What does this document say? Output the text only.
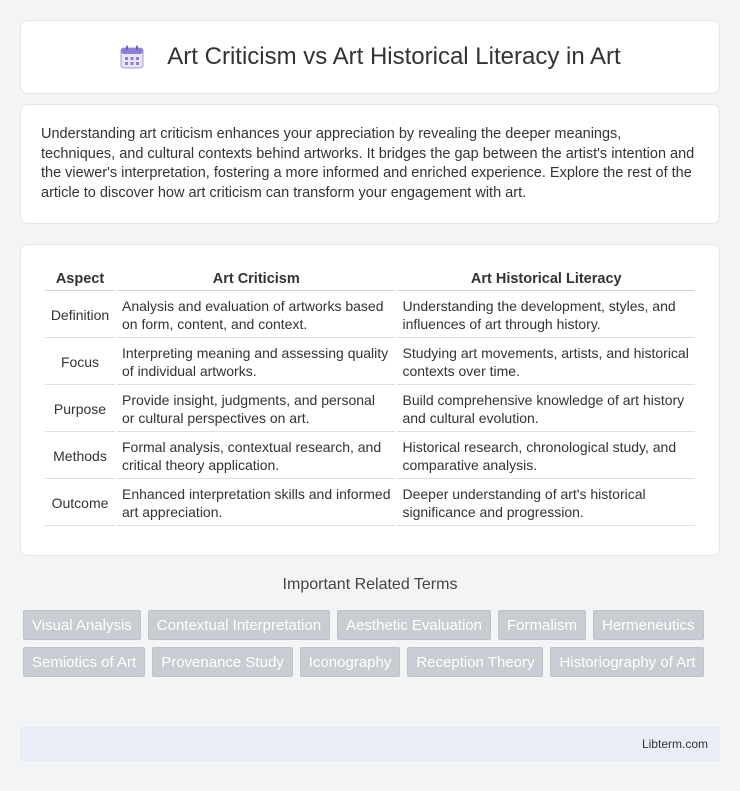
Art Criticism vs Art Historical Literacy in Art

Understanding art criticism enhances your appreciation by revealing the deeper meanings, techniques, and cultural contexts behind artworks. It bridges the gap between the artist's intention and the viewer's interpretation, fostering a more informed and enriched experience. Explore the rest of the article to discover how art criticism can transform your engagement with art.

Aspect	Art Criticism	Art Historical Literacy
Definition	Analysis and evaluation of artworks based on form, content, and context.	Understanding the development, styles, and influences of art through history.
Focus	Interpreting meaning and assessing quality of individual artworks.	Studying art movements, artists, and historical contexts over time.
Purpose	Provide insight, judgments, and personal or cultural perspectives on art.	Build comprehensive knowledge of art history and cultural evolution.
Methods	Formal analysis, contextual research, and critical theory application.	Historical research, chronological study, and comparative analysis.
Outcome	Enhanced interpretation skills and informed art appreciation.	Deeper understanding of art's historical significance and progression.
Important Related Terms
Visual Analysis	Contextual Interpretation	Aesthetic Evaluation	Formalism	Hermeneutics
Semiotics of Art	Provenance Study	Iconography	Reception Theory	Historiography of Art
Libterm.com
